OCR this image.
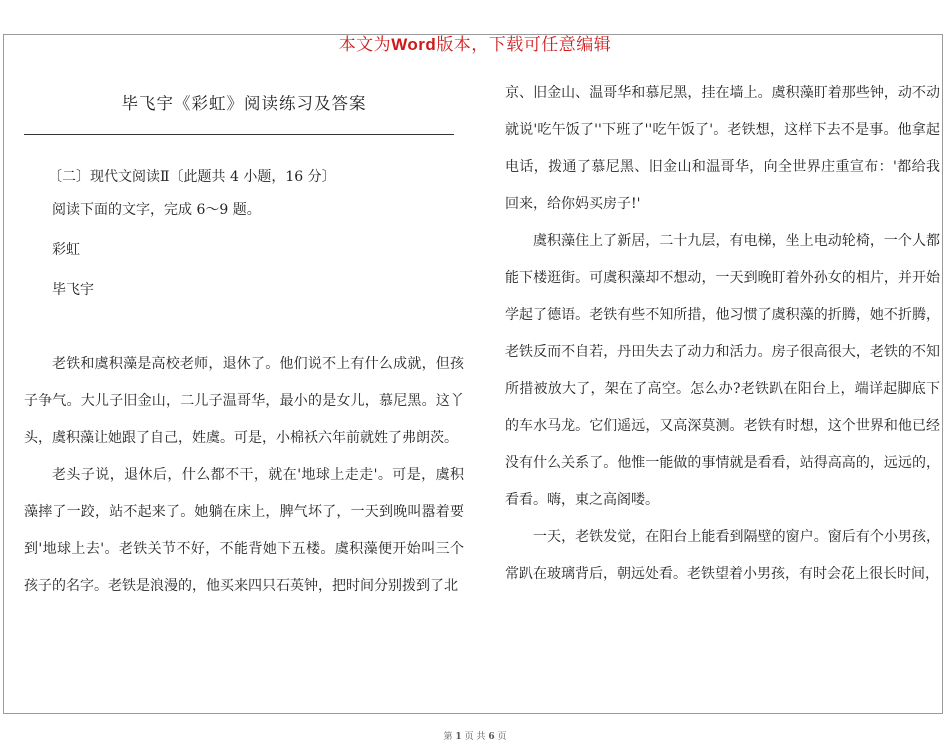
本文为Word版本，下载可任意编辑
毕飞宇《彩虹》阅读练习及答案
〔二〕现代文阅读Ⅱ〔此题共 4 小题，16 分〕
阅读下面的文字，完成 6～9 题。
彩虹
毕飞宇
老铁和虞积藻是高校老师，退休了。他们说不上有什么成就，但孩子争气。大儿子旧金山，二儿子温哥华，最小的是女儿，慕尼黑。这丫头，虞积藻让她跟了自己，姓虞。可是，小棉袄六年前就姓了弗朗茨。
老头子说，退休后，什么都不干，就在'地球上走走'。可是，虞积藻摔了一跤，站不起来了。她躺在床上，脾气坏了，一天到晚叫嚣着要到'地球上去'。老铁关节不好，不能背她下五楼。虞积藻便开始叫三个孩子的名字。老铁是浪漫的，他买来四只石英钟，把时间分别拨到了北
京、旧金山、温哥华和慕尼黑，挂在墙上。虞积藻盯着那些钟，动不动就说'吃午饭了''下班了''吃午饭了'。老铁想，这样下去不是事。他拿起电话，拨通了慕尼黑、旧金山和温哥华，向全世界庄重宣布：'都给我回来，给你妈买房子!'
虞积藻住上了新居，二十九层，有电梯，坐上电动轮椅，一个人都能下楼逛街。可虞积藻却不想动，一天到晚盯着外孙女的相片，并开始学起了德语。老铁有些不知所措，他习惯了虞积藻的折腾，她不折腾，老铁反而不自若，丹田失去了动力和活力。房子很高很大，老铁的不知所措被放大了，架在了高空。怎么办?老铁趴在阳台上，端详起脚底下的车水马龙。它们遥远，又高深莫测。老铁有时想，这个世界和他已经没有什么关系了。他惟一能做的事情就是看看，站得高高的，远远的，看看。嗨，東之高阁喽。
一天，老铁发觉，在阳台上能看到隔壁的窗户。窗后有个小男孩，常趴在玻璃背后，朝远处看。老铁望着小男孩，有时会花上很长时间，
第 1 页 共 6 页
